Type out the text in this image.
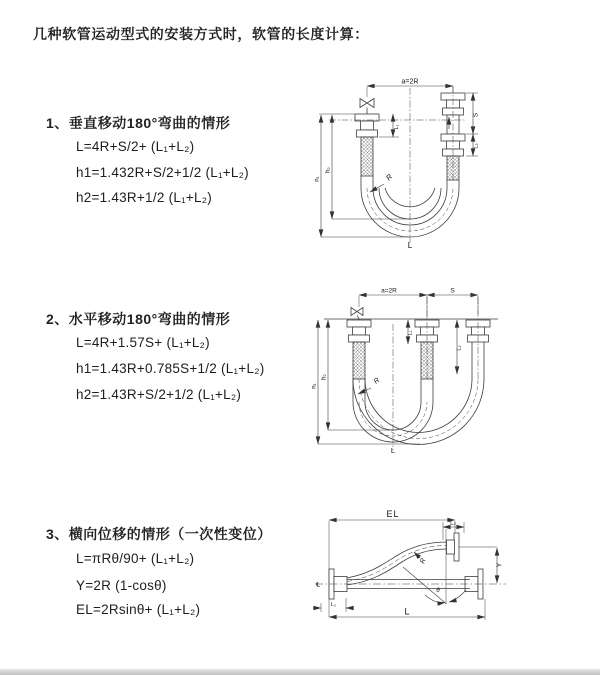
几种软管运动型式的安装方式时，软管的长度计算：
1、垂直移动180°弯曲的情形
L=4R+S/2+ (L₁+L₂)
h1=1.432R+S/2+1/2 (L₁+L₂)
h2=1.43R+1/2 (L₁+L₂)
2、水平移动180°弯曲的情形
L=4R+1.57S+ (L₁+L₂)
h1=1.43R+0.785S+1/2 (L₁+L₂)
h2=1.43R+S/2+1/2 (L₁+L₂)
3、横向位移的情形（一次性变位）
L=πRθ/90+ (L₁+L₂)
Y=2R (1-cosθ)
EL=2Rsinθ+ (L₁+L₂)
a=2R
h₁
h₂
L₁
S
L₂
R
L
a=2R	S
h₁
h₂
L₁
L₂
R
L
EL
L₂
Y
R
θ
℄
L₁
L
